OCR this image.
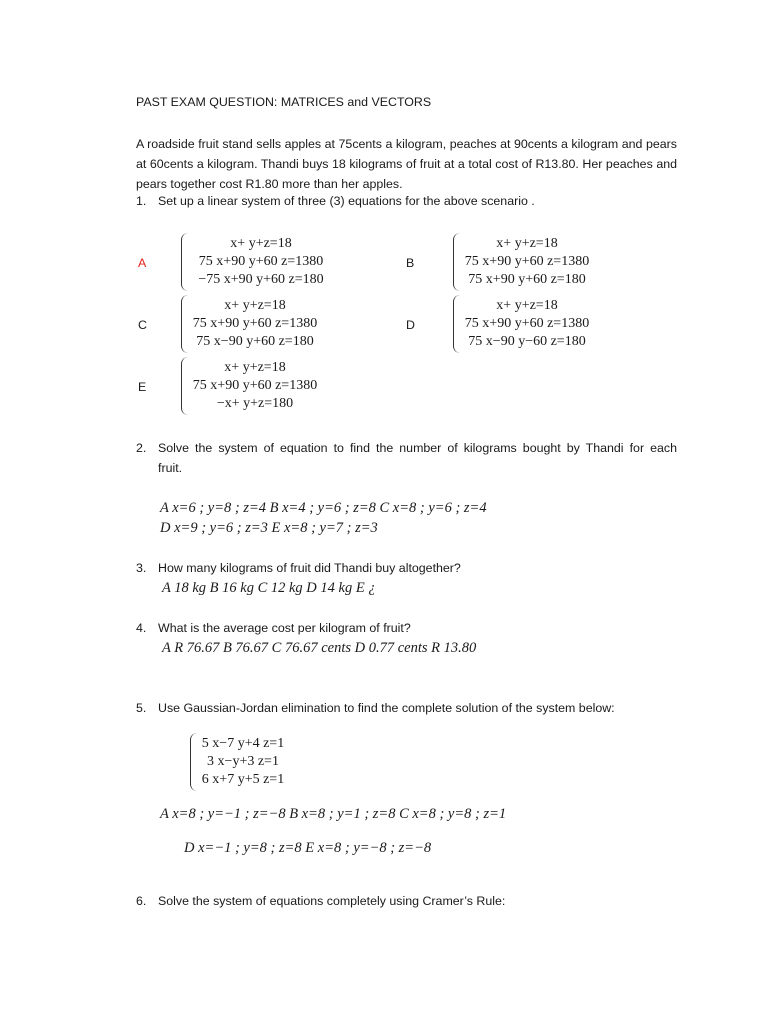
PAST EXAM QUESTION: MATRICES and VECTORS
A roadside fruit stand sells apples at 75cents a kilogram, peaches at 90cents a kilogram and pears at 60cents a kilogram. Thandi buys 18 kilograms of fruit at a total cost of R13.80. Her peaches and pears together cost R1.80 more than her apples.
1. Set up a linear system of three (3) equations for the above scenario .
A
x+ y+z=18
75 x+90 y+60 z=1380
−75 x+90 y+60 z=180
B
x+ y+z=18
75 x+90 y+60 z=1380
75 x+90 y+60 z=180
C
x+ y+z=18
75 x+90 y+60 z=1380
75 x−90 y+60 z=180
D
x+ y+z=18
75 x+90 y+60 z=1380
75 x−90 y−60 z=180
E
x+ y+z=18
75 x+90 y+60 z=1380
−x+ y+z=180
2. Solve the system of equation to find the number of kilograms bought by Thandi for each
fruit.
A x=6 ; y=8 ; z=4 B x=4 ; y=6 ; z=8 C x=8 ; y=6 ; z=4
D x=9 ; y=6 ; z=3 E x=8 ; y=7 ; z=3
3. How many kilograms of fruit did Thandi buy altogether?
A 18 kg B 16 kg C 12 kg D 14 kg E ¿
4. What is the average cost per kilogram of fruit?
A R 76.67 B 76.67 C 76.67 cents D 0.77 cents R 13.80
5. Use Gaussian-Jordan elimination to find the complete solution of the system below:
5 x−7 y+4 z=1
3 x−y+3 z=1
6 x+7 y+5 z=1
A x=8 ; y=−1 ; z=−8 B x=8 ; y=1 ; z=8 C x=8 ; y=8 ; z=1
D x=−1 ; y=8 ; z=8 E x=8 ; y=−8 ; z=−8
6. Solve the system of equations completely using Cramer’s Rule:
